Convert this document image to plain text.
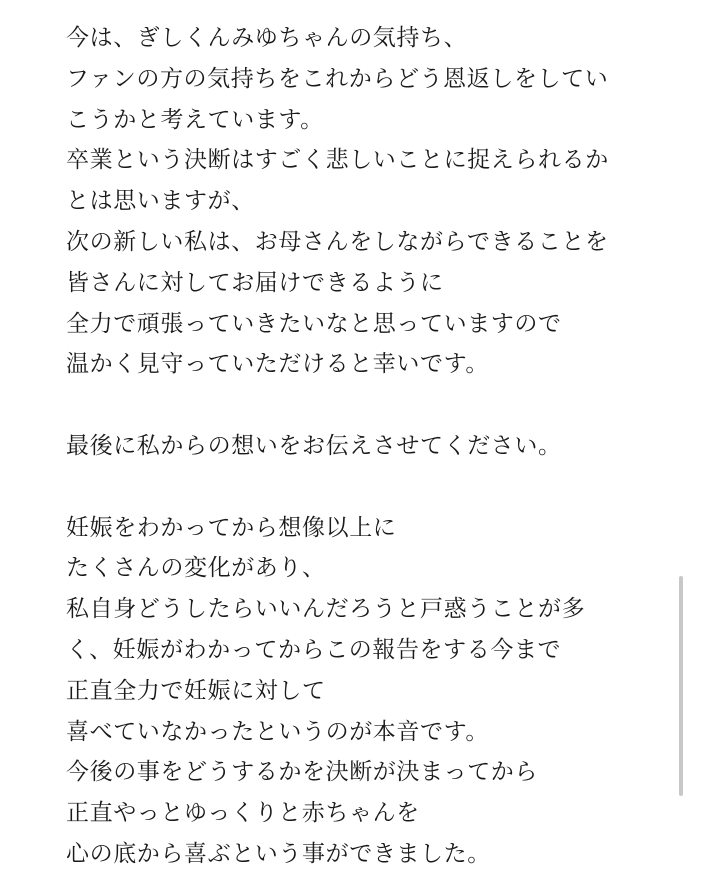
今は、ぎしくんみゆちゃんの気持ち、
ファンの方の気持ちをこれからどう恩返しをしてい
こうかと考えています。
卒業という決断はすごく悲しいことに捉えられるか
とは思いますが、
次の新しい私は、お母さんをしながらできることを
皆さんに対してお届けできるように
全力で頑張っていきたいなと思っていますので
温かく見守っていただけると幸いです。
最後に私からの想いをお伝えさせてください。
妊娠をわかってから想像以上に
たくさんの変化があり、
私自身どうしたらいいんだろうと戸惑うことが多
く、妊娠がわかってからこの報告をする今まで
正直全力で妊娠に対して
喜べていなかったというのが本音です。
今後の事をどうするかを決断が決まってから
正直やっとゆっくりと赤ちゃんを
心の底から喜ぶという事ができました。
